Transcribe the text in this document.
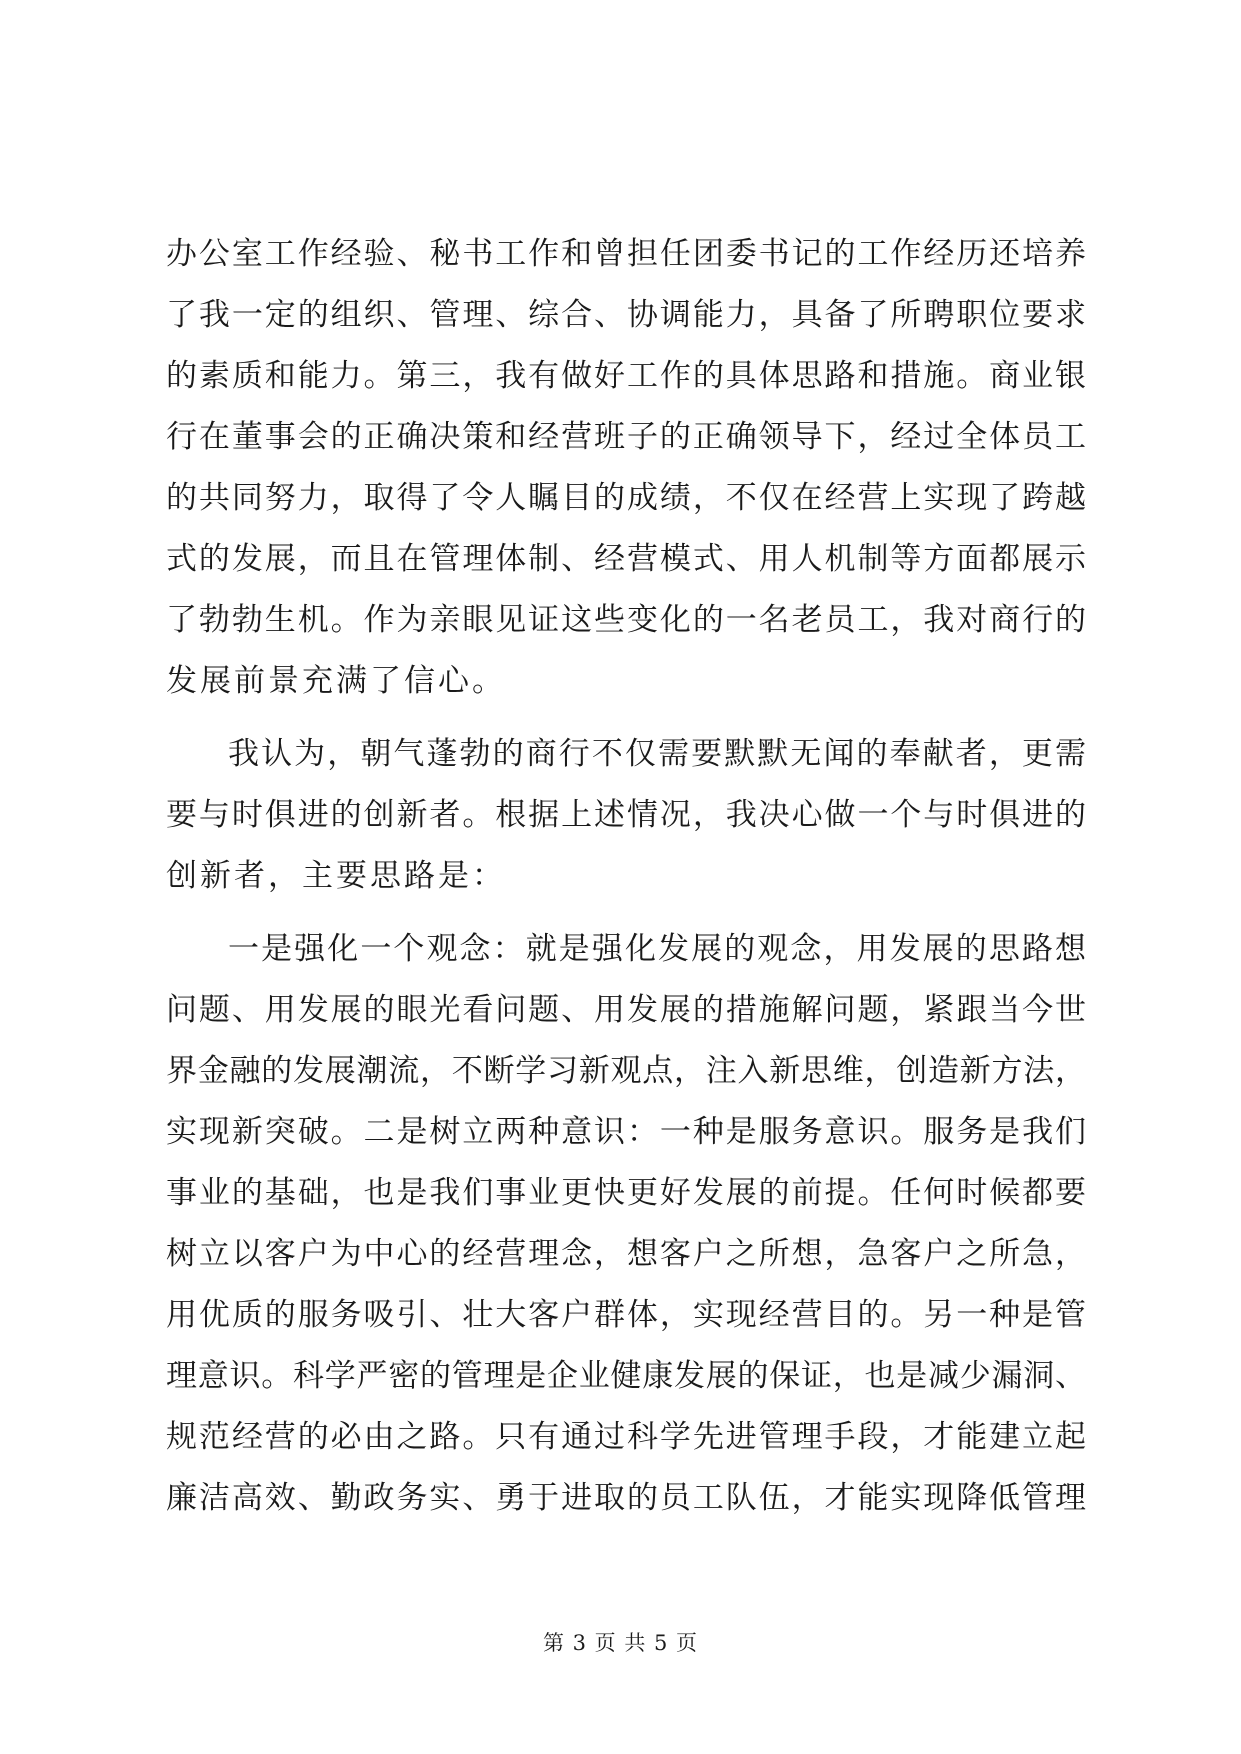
办公室工作经验、秘书工作和曾担任团委书记的工作经历还培养
了我一定的组织、管理、综合、协调能力，具备了所聘职位要求
的素质和能力。第三，我有做好工作的具体思路和措施。商业银
行在董事会的正确决策和经营班子的正确领导下，经过全体员工
的共同努力，取得了令人瞩目的成绩，不仅在经营上实现了跨越
式的发展，而且在管理体制、经营模式、用人机制等方面都展示
了勃勃生机。作为亲眼见证这些变化的一名老员工，我对商行的
发展前景充满了信心。
我认为，朝气蓬勃的商行不仅需要默默无闻的奉献者，更需
要与时俱进的创新者。根据上述情况，我决心做一个与时俱进的
创新者，主要思路是：
一是强化一个观念：就是强化发展的观念，用发展的思路想
问题、用发展的眼光看问题、用发展的措施解问题，紧跟当今世
界金融的发展潮流，不断学习新观点，注入新思维，创造新方法，
实现新突破。二是树立两种意识：一种是服务意识。服务是我们
事业的基础，也是我们事业更快更好发展的前提。任何时候都要
树立以客户为中心的经营理念，想客户之所想，急客户之所急，
用优质的服务吸引、壮大客户群体，实现经营目的。另一种是管
理意识。科学严密的管理是企业健康发展的保证，也是减少漏洞、
规范经营的必由之路。只有通过科学先进管理手段，才能建立起
廉洁高效、勤政务实、勇于进取的员工队伍，才能实现降低管理
第 3 页 共 5 页
